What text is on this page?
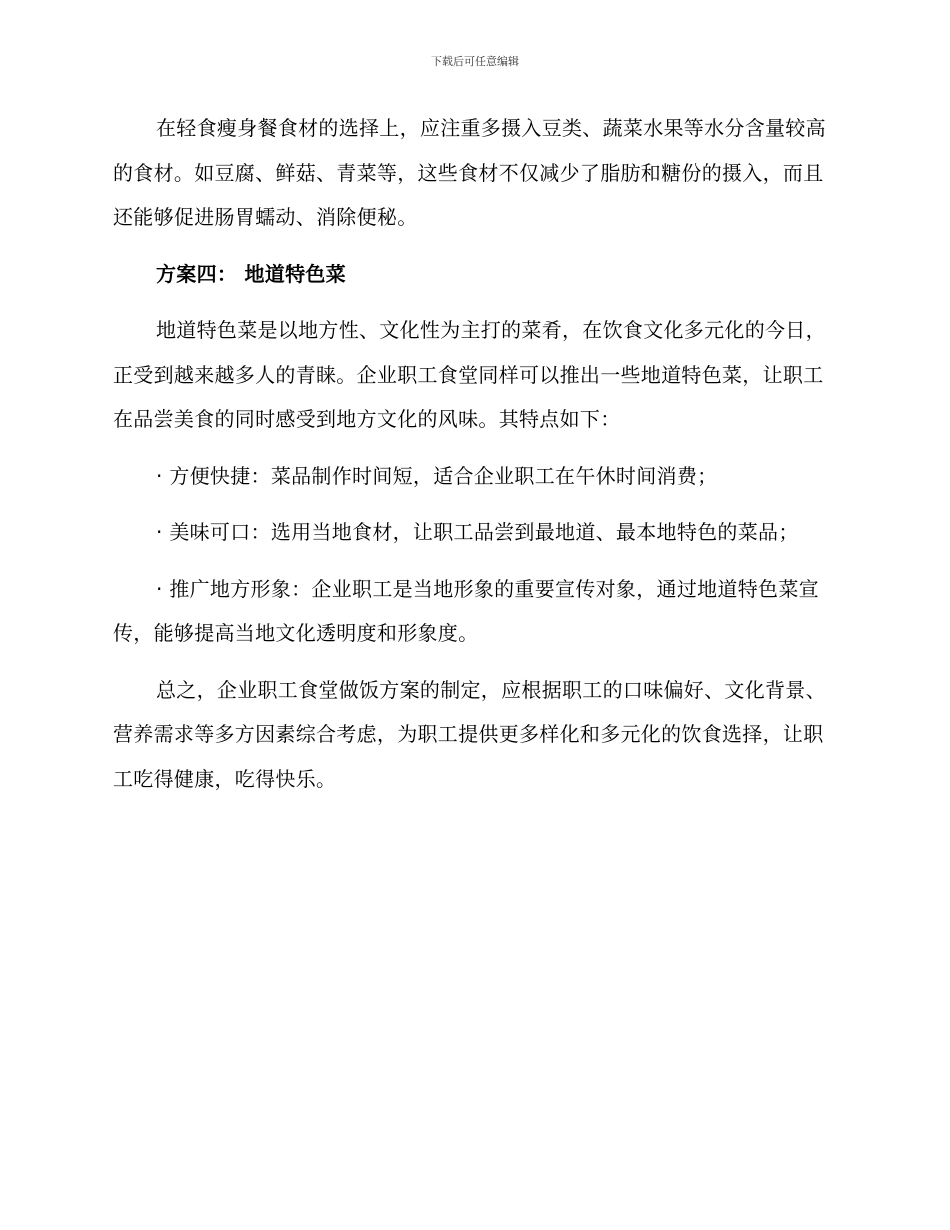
下载后可任意编辑

在轻食瘦身餐食材的选择上，应注重多摄入豆类、蔬菜水果等水分含量较高的食材。如豆腐、鲜菇、青菜等，这些食材不仅减少了脂肪和糖份的摄入，而且还能够促进肠胃蠕动、消除便秘。

方案四： 地道特色菜

地道特色菜是以地方性、文化性为主打的菜肴，在饮食文化多元化的今日，正受到越来越多人的青睐。企业职工食堂同样可以推出一些地道特色菜，让职工在品尝美食的同时感受到地方文化的风味。其特点如下：

· 方便快捷：菜品制作时间短，适合企业职工在午休时间消费；

· 美味可口：选用当地食材，让职工品尝到最地道、最本地特色的菜品；

· 推广地方形象：企业职工是当地形象的重要宣传对象，通过地道特色菜宣传，能够提高当地文化透明度和形象度。

总之，企业职工食堂做饭方案的制定，应根据职工的口味偏好、文化背景、营养需求等多方因素综合考虑，为职工提供更多样化和多元化的饮食选择，让职工吃得健康，吃得快乐。
